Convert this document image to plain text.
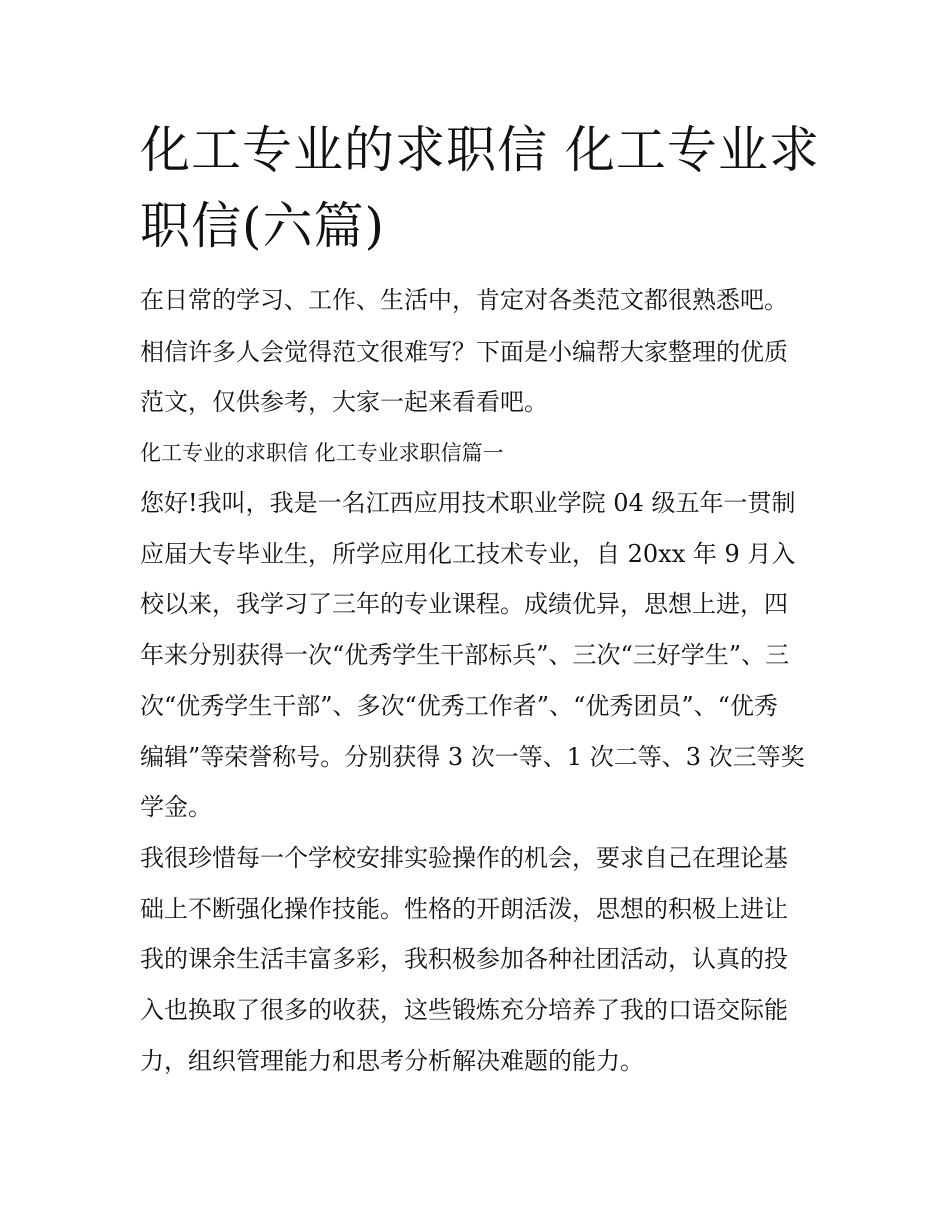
化工专业的求职信 化工专业求
职信(六篇)
在日常的学习、工作、生活中，肯定对各类范文都很熟悉吧。
相信许多人会觉得范文很难写？下面是小编帮大家整理的优质
范文，仅供参考，大家一起来看看吧。
化工专业的求职信 化工专业求职信篇一
您好!我叫，我是一名江西应用技术职业学院 04 级五年一贯制
应届大专毕业生，所学应用化工技术专业，自 20xx 年 9 月入
校以来，我学习了三年的专业课程。成绩优异，思想上进，四
年来分别获得一次“优秀学生干部标兵”、三次“三好学生”、三
次“优秀学生干部”、多次“优秀工作者”、“优秀团员”、“优秀
编辑”等荣誉称号。分别获得 3 次一等、1 次二等、3 次三等奖
学金。
我很珍惜每一个学校安排实验操作的机会，要求自己在理论基
础上不断强化操作技能。性格的开朗活泼，思想的积极上进让
我的课余生活丰富多彩，我积极参加各种社团活动，认真的投
入也换取了很多的收获，这些锻炼充分培养了我的口语交际能
力，组织管理能力和思考分析解决难题的能力。
